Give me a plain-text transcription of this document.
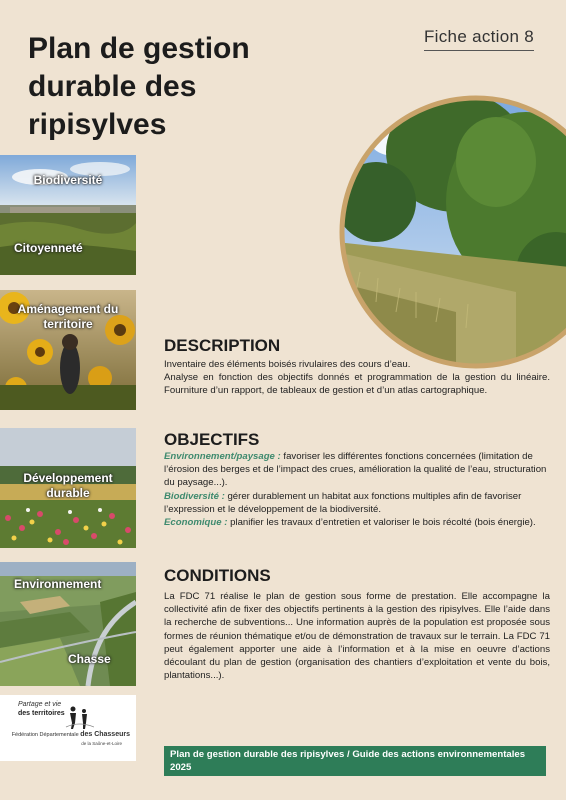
Plan de gestion
durable des
ripisylves
Fiche action 8
Biodiversité
Citoyenneté
Aménagement du
territoire
Développement
durable
Environnement
Chasse
Partage et vie
des territoires
Fédération Départementale des Chasseurs
de la Saône-et-Loire
DESCRIPTION

Inventaire des éléments boisés rivulaires des cours d’eau.

Analyse en fonction des objectifs donnés et programmation de la gestion du linéaire. Fourniture d’un rapport, de tableaux de gestion et d’un atlas cartographique.

OBJECTIFS

Environnement/paysage : favoriser les différentes fonctions concernées (limitation de l’érosion des berges et de l’impact des crues, amélioration la qualité de l’eau, structuration du paysage...).

Biodiversité : gérer durablement un habitat aux fonctions multiples afin de favoriser l’expression et le développement de la biodiversité.

Economique : planifier les travaux d’entretien et valoriser le bois récolté (bois énergie).

CONDITIONS
La FDC 71 réalise le plan de gestion sous forme de prestation. Elle accompagne la collectivité afin de fixer des objectifs pertinents à la gestion des ripisylves. Elle l’aide dans la recherche de subventions... Une information auprès de la population est proposée sous formes de réunion thématique et/ou de démonstration de travaux sur le terrain. La FDC 71 peut également apporter une aide à l’information et à la mise en oeuvre d’actions découlant du plan de gestion (organisation des chantiers d’exploitation et vente du bois, plantations...).
Plan de gestion durable des ripisylves / Guide des actions environnementales 2025
